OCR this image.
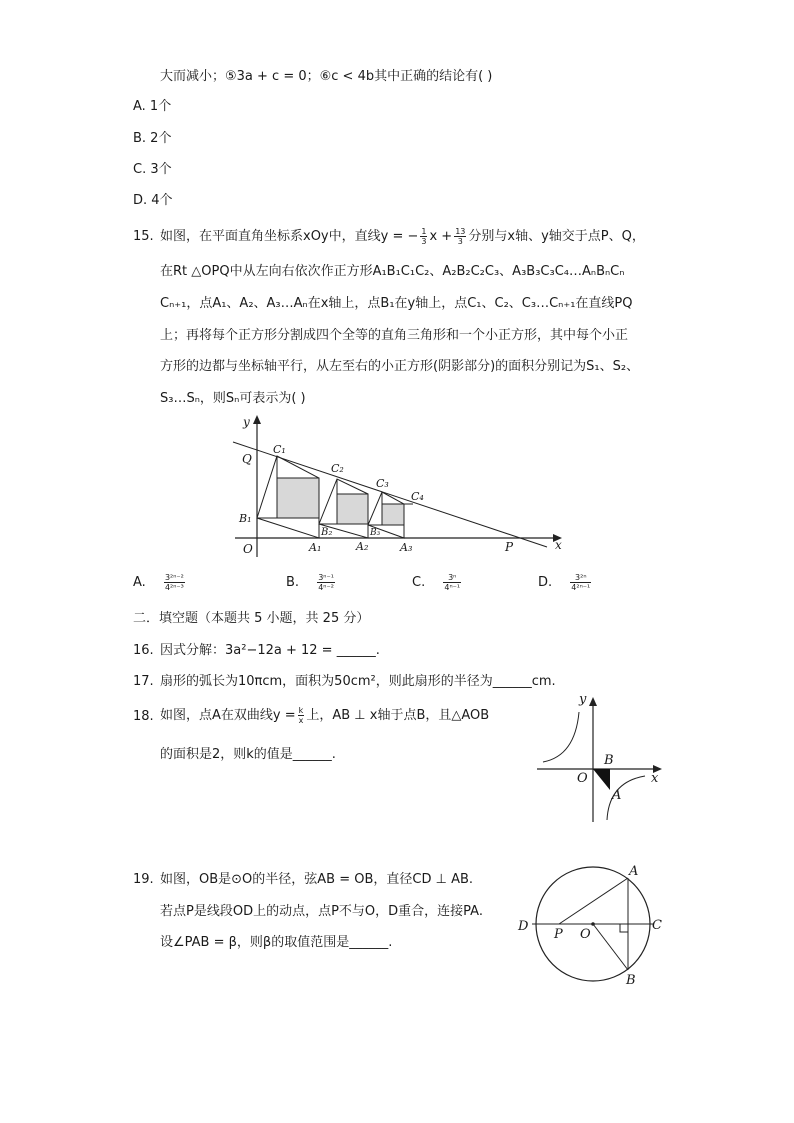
大而减小；⑤3a + c = 0；⑥c < 4b其中正确的结论有( )
A. 1个
B. 2个
C. 3个
D. 4个
15. 如图，在平面直角坐标系xOy中，直线y = − $\frac{1}{3}$ $x + \frac{13}{3}$ 分别与x轴、y轴交于点P、Q，
在Rt △OPQ中从左向右依次作正方形A₁B₁C₁C₂、A₂B₂C₂C₃、A₃B₃C₃C₄…AₙBₙCₙ
Cₙ₊₁，点A₁、A₂、A₃…Aₙ在x轴上，点B₁在y轴上，点C₁、C₂、C₃…Cₙ₊₁在直线PQ
上；再将每个正方形分割成四个全等的直角三角形和一个小正方形，其中每个小正
方形的边都与坐标轴平行，从左至右的小正方形(阴影部分)的面积分别记为S₁、S₂、
S₃…Sₙ，则Sₙ可表示为( )
y
x
Q
O	P
B₁
B₂	B₃
C₁
C₂
C₃
C₄
A₁	A₂	A₃
A. $\frac{\text{3²ⁿ⁻²}}{\text{4²ⁿ⁻³}}$	B. $\frac{\text{3ⁿ⁻¹}}{\text{4ⁿ⁻²}}$	C. $\frac{\text{3ⁿ}}{\text{4ⁿ⁻¹}}$	D. $\frac{\text{3²ⁿ}}{\text{4²ⁿ⁻¹}}$
二．填空题（本题共 5 小题，共 25 分）
16. 因式分解：3a²−12a + 12 = ______.
17. 扇形的弧长为10πcm，面积为50cm²，则此扇形的半径为______cm.
18. 如图，点A在双曲线$y = \frac{k}{x}$ 上，AB ⊥ x轴于点B，且△AOB
的面积是2，则k的值是______.
y
x
O
B
A
19. 如图，OB是⊙O的半径，弦AB = OB，直径CD ⊥ AB.
若点P是线段OD上的动点，点P不与O，D重合，连接PA.
设∠PAB = β，则β的取值范围是______.
A
B
C
D
O
P
